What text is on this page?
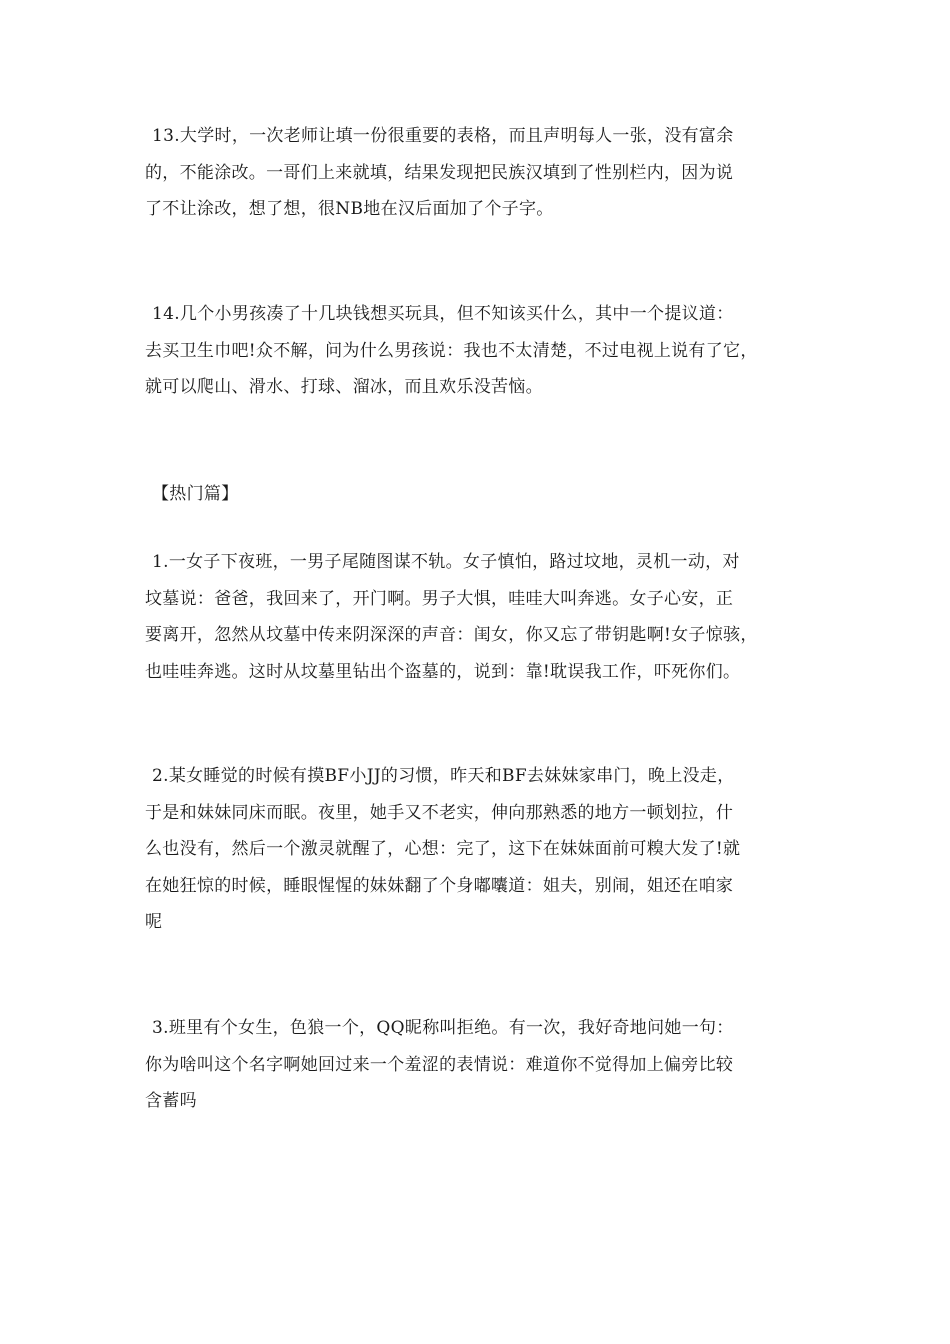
13.大学时，一次老师让填一份很重要的表格，而且声明每人一张，没有富余
的，不能涂改。一哥们上来就填，结果发现把民族汉填到了性别栏内，因为说
了不让涂改，想了想，很NB地在汉后面加了个子字。
14.几个小男孩凑了十几块钱想买玩具，但不知该买什么，其中一个提议道：
去买卫生巾吧!众不解，问为什么男孩说：我也不太清楚，不过电视上说有了它，
就可以爬山、滑水、打球、溜冰，而且欢乐没苦恼。
【热门篇】
1.一女子下夜班，一男子尾随图谋不轨。女子慎怕，路过坟地，灵机一动，对
坟墓说：爸爸，我回来了，开门啊。男子大惧，哇哇大叫奔逃。女子心安，正
要离开，忽然从坟墓中传来阴深深的声音：闺女，你又忘了带钥匙啊!女子惊骇，
也哇哇奔逃。这时从坟墓里钻出个盗墓的，说到：靠!耽误我工作，吓死你们。
2.某女睡觉的时候有摸BF小JJ的习惯，昨天和BF去妹妹家串门，晚上没走，
于是和妹妹同床而眠。夜里，她手又不老实，伸向那熟悉的地方一顿划拉，什
么也没有，然后一个激灵就醒了，心想：完了，这下在妹妹面前可糗大发了!就
在她狂惊的时候，睡眼惺惺的妹妹翻了个身嘟囔道：姐夫，别闹，姐还在咱家
呢
3.班里有个女生，色狼一个，QQ昵称叫拒绝。有一次，我好奇地问她一句：
你为啥叫这个名字啊她回过来一个羞涩的表情说：难道你不觉得加上偏旁比较
含蓄吗
